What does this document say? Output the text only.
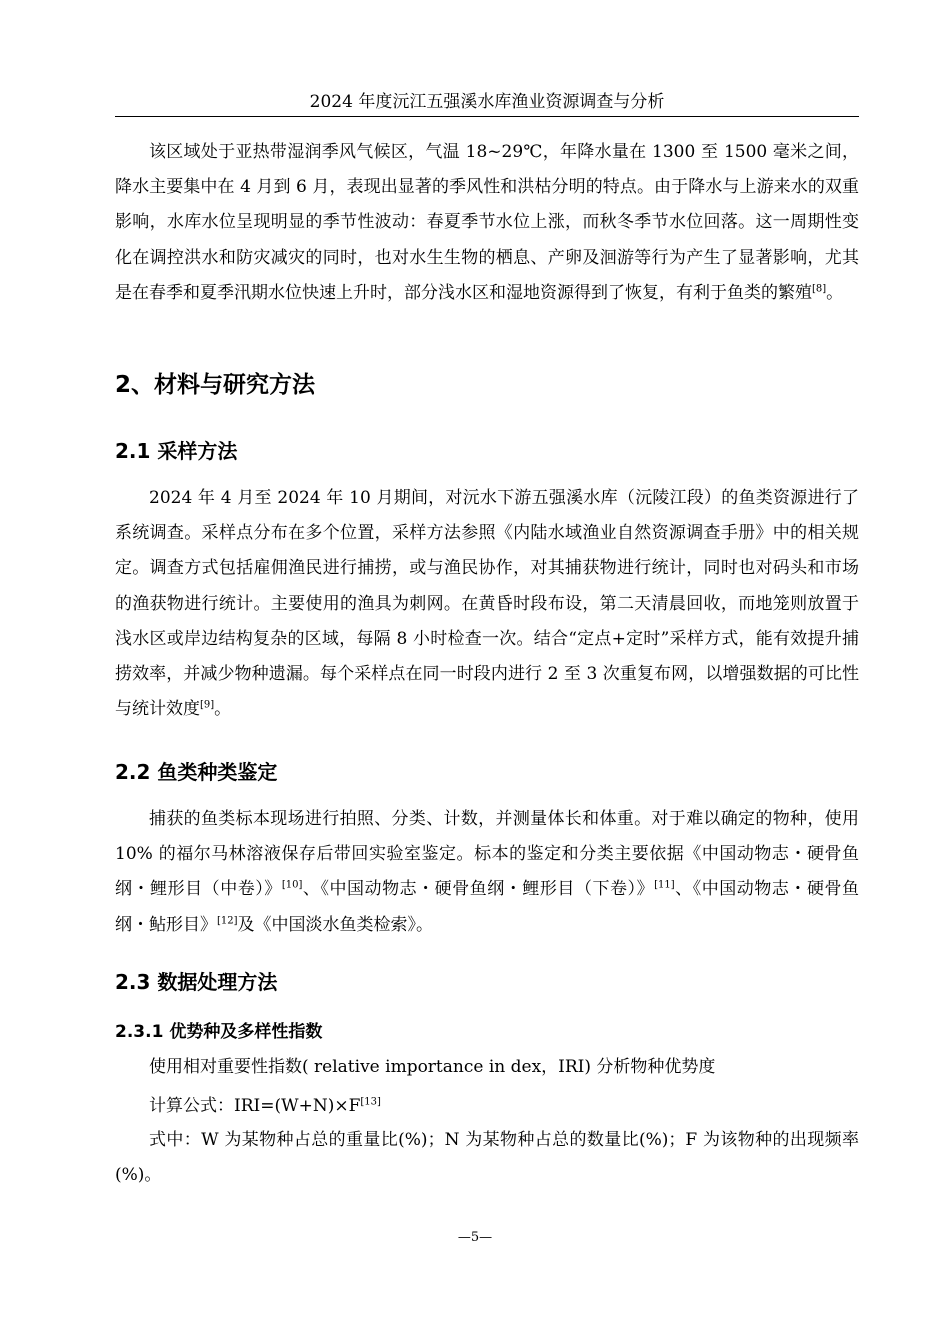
2024 年度沅江五强溪水库渔业资源调查与分析

该区域处于亚热带湿润季风气候区，气温 18~29℃，年降水量在 1300 至 1500 毫米之间，降水主要集中在 4 月到 6 月，表现出显著的季风性和洪枯分明的特点。由于降水与上游来水的双重影响，水库水位呈现明显的季节性波动：春夏季节水位上涨，而秋冬季节水位回落。这一周期性变化在调控洪水和防灾减灾的同时，也对水生生物的栖息、产卵及洄游等行为产生了显著影响，尤其是在春季和夏季汛期水位快速上升时，部分浅水区和湿地资源得到了恢复，有利于鱼类的繁殖[8]。

2、材料与研究方法
2.1 采样方法

2024 年 4 月至 2024 年 10 月期间，对沅水下游五强溪水库（沅陵江段）的鱼类资源进行了系统调查。采样点分布在多个位置，采样方法参照《内陆水域渔业自然资源调查手册》中的相关规定。调查方式包括雇佣渔民进行捕捞，或与渔民协作，对其捕获物进行统计，同时也对码头和市场的渔获物进行统计。主要使用的渔具为刺网。在黄昏时段布设，第二天清晨回收，而地笼则放置于浅水区或岸边结构复杂的区域，每隔 8 小时检查一次。结合“定点+定时”采样方式，能有效提升捕捞效率，并减少物种遗漏。每个采样点在同一时段内进行 2 至 3 次重复布网，以增强数据的可比性与统计效度[9]。

2.2 鱼类种类鉴定

捕获的鱼类标本现场进行拍照、分类、计数，并测量体长和体重。对于难以确定的物种，使用 10% 的福尔马林溶液保存后带回实验室鉴定。标本的鉴定和分类主要依据《中国动物志・硬骨鱼纲・鲤形目（中卷）》[10]、《中国动物志・硬骨鱼纲・鲤形目（下卷）》[11]、《中国动物志・硬骨鱼纲・鲇形目》[12]及《中国淡水鱼类检索》。

2.3 数据处理方法
2.3.1 优势种及多样性指数

使用相对重要性指数( relative importance in dex，IRI) 分析物种优势度

计算公式：IRI=(W+N)×F[13]

式中：W 为某物种占总的重量比(%)；N 为某物种占总的数量比(%)；F 为该物种的出现频率(%)。

—5—
